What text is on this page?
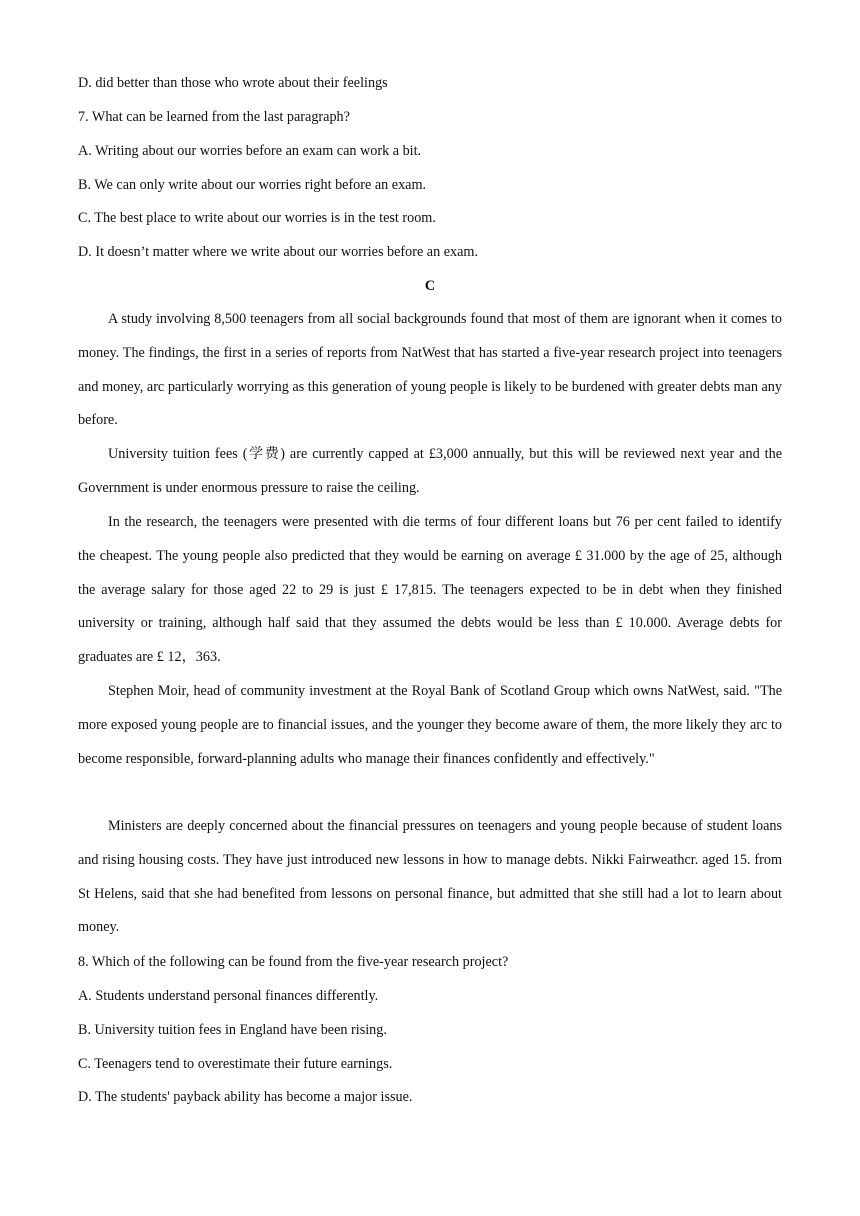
D. did better than those who wrote about their feelings
7. What can be learned from the last paragraph?
A. Writing about our worries before an exam can work a bit.
B. We can only write about our worries right before an exam.
C. The best place to write about our worries is in the test room.
D. It doesn’t matter where we write about our worries before an exam.
C

A study involving 8,500 teenagers from all social backgrounds found that most of them are ignorant when it comes to money. The findings, the first in a series of reports from NatWest that has started a five-year research project into teenagers and money, arc particularly worrying as this generation of young people is likely to be burdened with greater debts man any before.

University tuition fees (学费) are currently capped at £3,000 annually, but this will be reviewed next year and the Government is under enormous pressure to raise the ceiling.

In the research, the teenagers were presented with die terms of four different loans but 76 per cent failed to identify the cheapest. The young people also predicted that they would be earning on average £ 31.000 by the age of 25, although the average salary for those aged 22 to 29 is just £ 17,815. The teenagers expected to be in debt when they finished university or training, although half said that they assumed the debts would be less than £ 10.000. Average debts for graduates are £ 12，363.

Stephen Moir, head of community investment at the Royal Bank of Scotland Group which owns NatWest, said. "The more exposed young people are to financial issues, and the younger they become aware of them, the more likely they arc to become responsible, forward-planning adults who manage their finances confidently and effectively."

Ministers are deeply concerned about the financial pressures on teenagers and young people because of student loans and rising housing costs. They have just introduced new lessons in how to manage debts. Nikki Fairweathcr. aged 15. from St Helens, said that she had benefited from lessons on personal finance, but admitted that she still had a lot to learn about money.

8. Which of the following can be found from the five-year research project?
A. Students understand personal finances differently.
B. University tuition fees in England have been rising.
C. Teenagers tend to overestimate their future earnings.
D. The students' payback ability has become a major issue.
